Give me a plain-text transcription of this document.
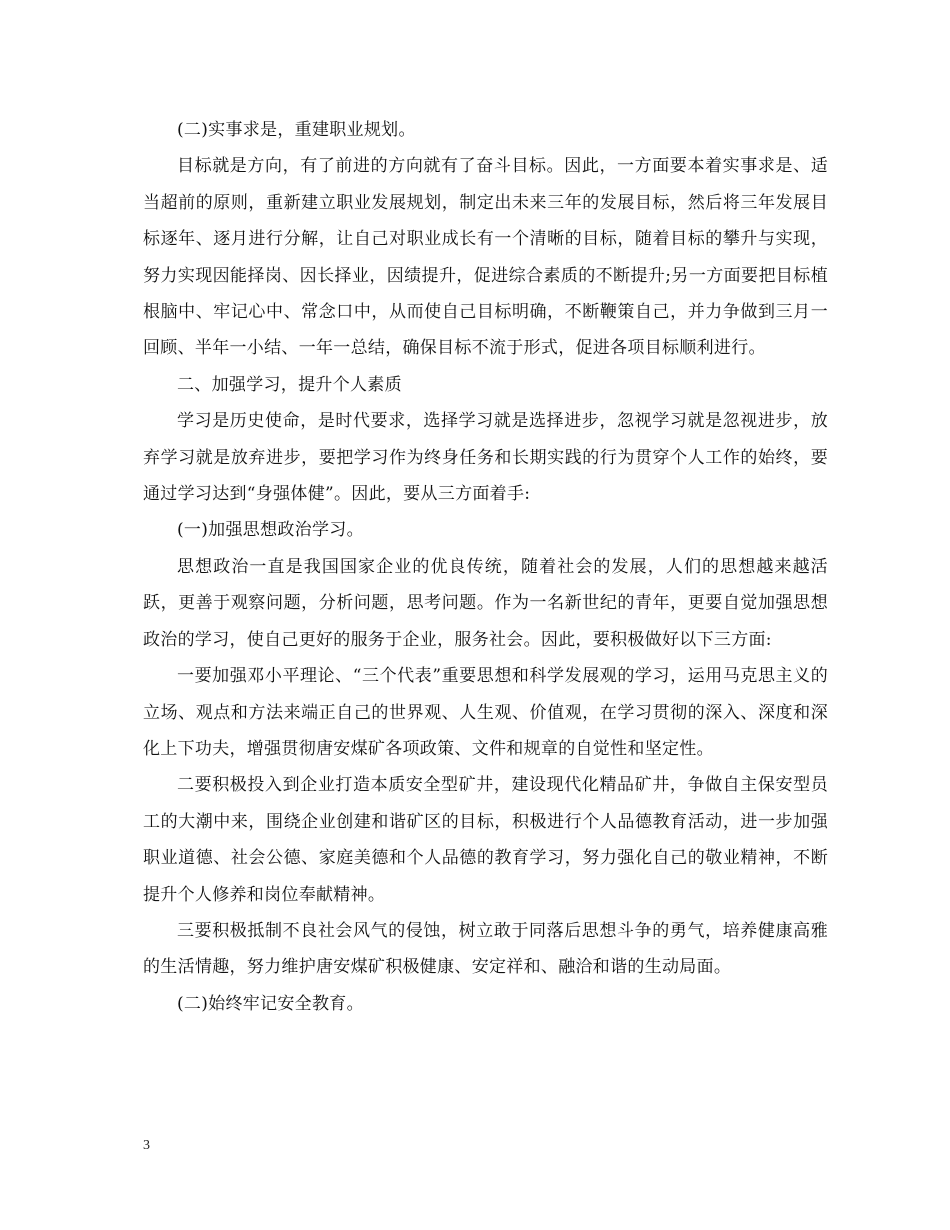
(二)实事求是，重建职业规划。

目标就是方向，有了前进的方向就有了奋斗目标。因此，一方面要本着实事求是、适当超前的原则，重新建立职业发展规划，制定出未来三年的发展目标，然后将三年发展目标逐年、逐月进行分解，让自己对职业成长有一个清晰的目标，随着目标的攀升与实现，努力实现因能择岗、因长择业，因绩提升，促进综合素质的不断提升;另一方面要把目标植根脑中、牢记心中、常念口中，从而使自己目标明确，不断鞭策自己，并力争做到三月一回顾、半年一小结、一年一总结，确保目标不流于形式，促进各项目标顺利进行。

二、加强学习，提升个人素质

学习是历史使命，是时代要求，选择学习就是选择进步，忽视学习就是忽视进步，放弃学习就是放弃进步，要把学习作为终身任务和长期实践的行为贯穿个人工作的始终，要通过学习达到“身强体健”。因此，要从三方面着手:

(一)加强思想政治学习。

思想政治一直是我国国家企业的优良传统，随着社会的发展，人们的思想越来越活跃，更善于观察问题，分析问题，思考问题。作为一名新世纪的青年，更要自觉加强思想政治的学习，使自己更好的服务于企业，服务社会。因此，要积极做好以下三方面:

一要加强邓小平理论、“三个代表”重要思想和科学发展观的学习，运用马克思主义的立场、观点和方法来端正自己的世界观、人生观、价值观，在学习贯彻的深入、深度和深化上下功夫，增强贯彻唐安煤矿各项政策、文件和规章的自觉性和坚定性。

二要积极投入到企业打造本质安全型矿井，建设现代化精品矿井，争做自主保安型员工的大潮中来，围绕企业创建和谐矿区的目标，积极进行个人品德教育活动，进一步加强职业道德、社会公德、家庭美德和个人品德的教育学习，努力强化自己的敬业精神，不断提升个人修养和岗位奉献精神。

三要积极抵制不良社会风气的侵蚀，树立敢于同落后思想斗争的勇气，培养健康高雅的生活情趣，努力维护唐安煤矿积极健康、安定祥和、融洽和谐的生动局面。

(二)始终牢记安全教育。

3
